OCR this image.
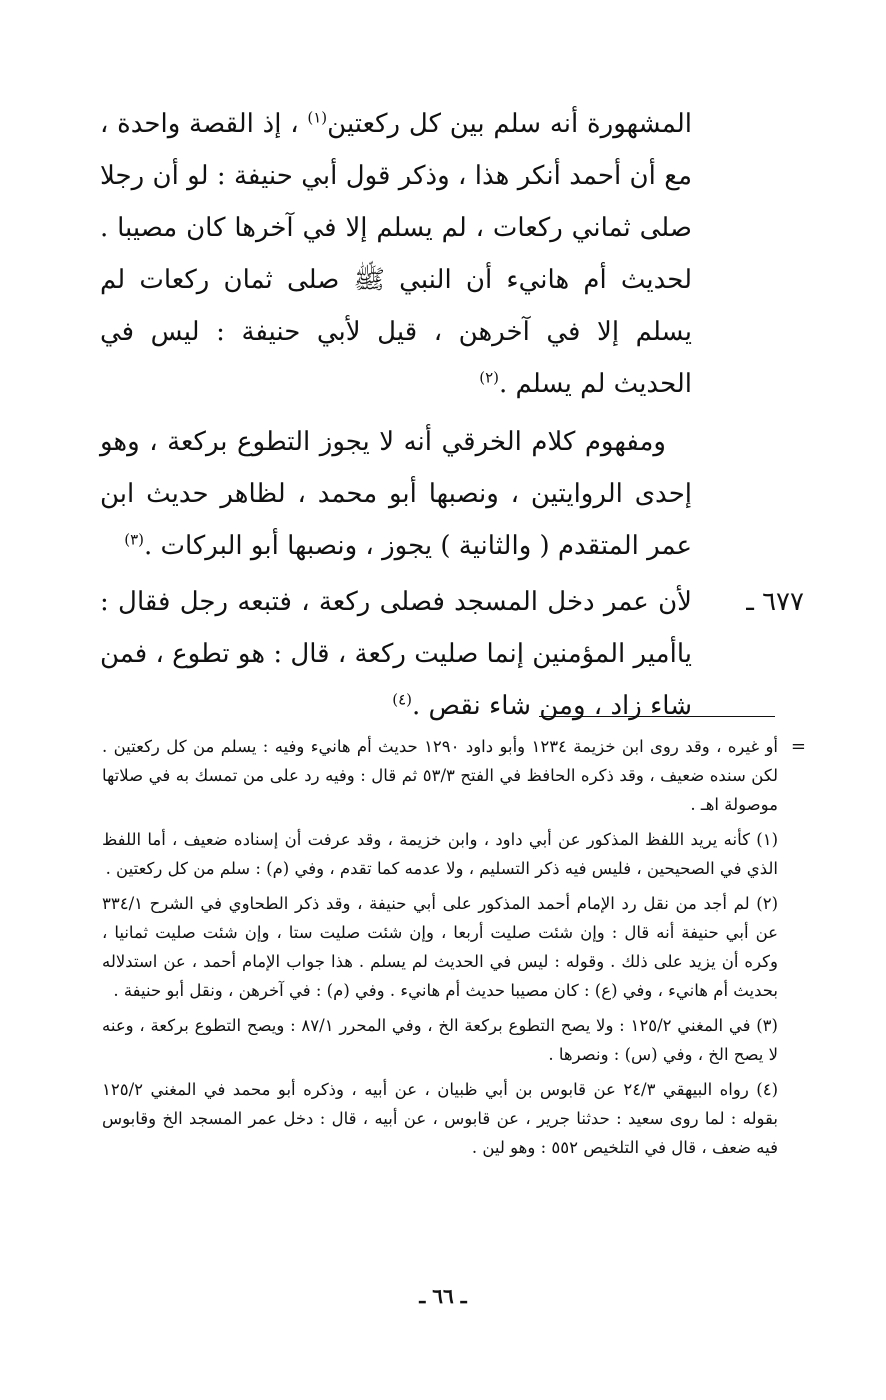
المشهورة أنه سلم بين كل ركعتين$^{(١)}$ ، إذ القصة واحدة ، مع أن أحمد أنكر هذا ، وذكر قول أبي حنيفة : لو أن رجلا صلى ثماني ركعات ، لم يسلم إلا في آخرها كان مصيبا . لحديث أم هانيء أن النبي ﷺ صلى ثمان ركعات لم يسلم إلا في آخرهن ، قيل لأبي حنيفة : ليس في الحديث لم يسلم .$^{(٢)}$

ومفهوم كلام الخرقي أنه لا يجوز التطوع بركعة ، وهو إحدى الروايتين ، ونصبها أبو محمد ، لظاهر حديث ابن عمر المتقدم ( والثانية ) يجوز ، ونصبها أبو البركات .$^{(٣)}$

٦٧٧ ـ

لأن عمر دخل المسجد فصلى ركعة ، فتبعه رجل فقال : ياأمير المؤمنين إنما صليت ركعة ، قال : هو تطوع ، فمن شاء زاد ، ومن شاء نقص .$^{(٤)}$

=

أو غيره ، وقد روى ابن خزيمة ١٢٣٤ وأبو داود ١٢٩٠ حديث أم هانيء وفيه : يسلم من كل ركعتين . لكن سنده ضعيف ، وقد ذكره الحافظ في الفتح ٥٣/٣ ثم قال : وفيه رد على من تمسك به في صلاتها موصولة اهـ .

(١) كأنه يريد اللفظ المذكور عن أبي داود ، وابن خزيمة ، وقد عرفت أن إسناده ضعيف ، أما اللفظ الذي في الصحيحين ، فليس فيه ذكر التسليم ، ولا عدمه كما تقدم ، وفي (م) : سلم من كل ركعتين .

(٢) لم أجد من نقل رد الإمام أحمد المذكور على أبي حنيفة ، وقد ذكر الطحاوي في الشرح ٣٣٤/١ عن أبي حنيفة أنه قال : وإن شئت صليت أربعا ، وإن شئت صليت ستا ، وإن شئت صليت ثمانيا ، وكره أن يزيد على ذلك . وقوله : ليس في الحديث لم يسلم . هذا جواب الإمام أحمد ، عن استدلاله بحديث أم هانيء ، وفي (ع) : كان مصيبا حديث أم هانيء . وفي (م) : في آخرهن ، ونقل أبو حنيفة .

(٣) في المغني ١٢٥/٢ : ولا يصح التطوع بركعة الخ ، وفي المحرر ٨٧/١ : ويصح التطوع بركعة ، وعنه لا يصح الخ ، وفي (س) : ونصرها .

(٤) رواه البيهقي ٢٤/٣ عن قابوس بن أبي ظبيان ، عن أبيه ، وذكره أبو محمد في المغني ١٢٥/٢ بقوله : لما روى سعيد : حدثنا جرير ، عن قابوس ، عن أبيه ، قال : دخل عمر المسجد الخ وقابوس فيه ضعف ، قال في التلخيص ٥٥٢ : وهو لين .

ـ ٦٦ ـ
